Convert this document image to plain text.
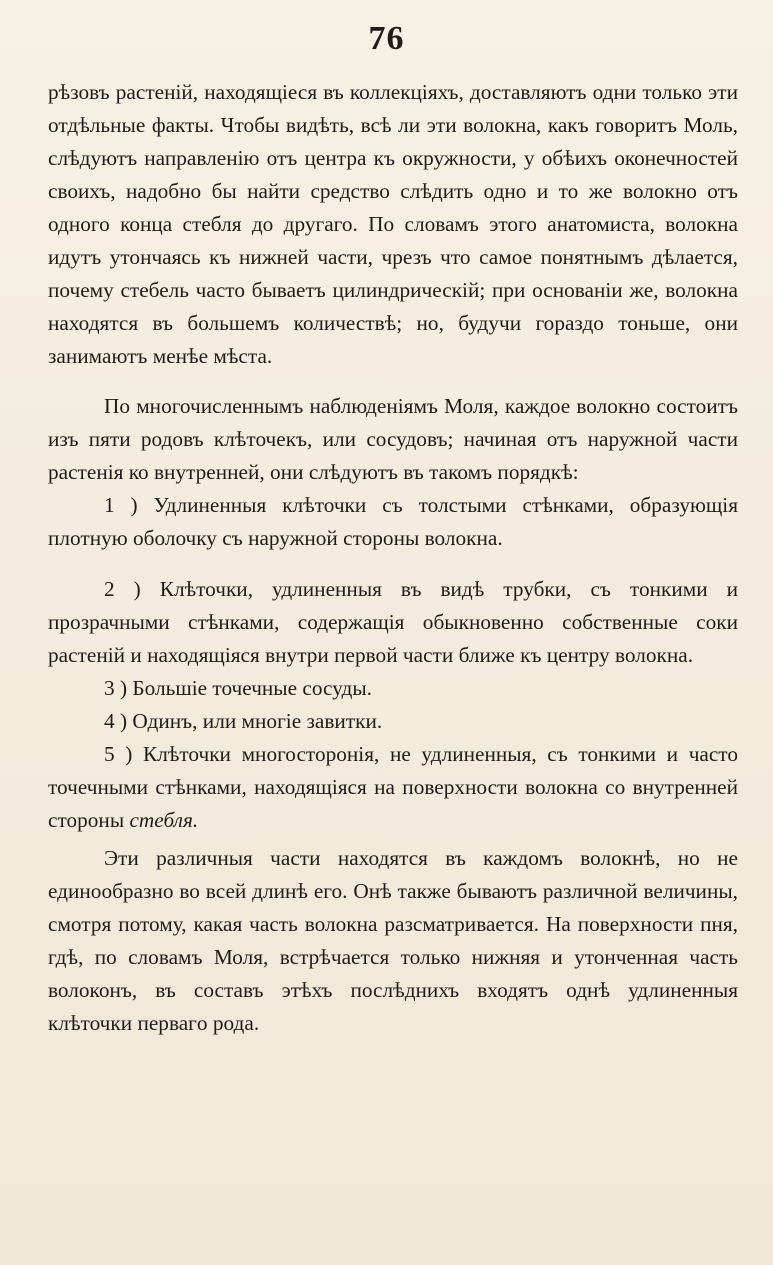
76

рѣзовъ растеній, находящіеся въ коллекціяхъ, доставляютъ одни только эти отдѣльные факты. Чтобы видѣть, всѣ ли эти волокна, какъ говоритъ Моль, слѣдуютъ направленію отъ центра къ окружности, у обѣихъ оконечностей своихъ, надобно бы найти средство слѣдить одно и то же волокно отъ одного конца стебля до другаго. По словамъ этого анатомиста, волокна идутъ утончаясь къ нижней части, чрезъ что самое понятнымъ дѣлается, почему стебель часто бываетъ цилиндрическій; при основаніи же, волокна находятся въ большемъ количествѣ; но, будучи гораздо тоньше, они занимаютъ менѣе мѣста.

По многочисленнымъ наблюденіямъ Моля, каждое волокно состоитъ изъ пяти родовъ клѣточекъ, или сосудовъ; начиная отъ наружной части растенія ко внутренней, они слѣдуютъ въ такомъ порядкѣ:

1 ) Удлиненныя клѣточки съ толстыми стѣнками, образующія плотную оболочку съ наружной стороны волокна.

2 ) Клѣточки, удлиненныя въ видѣ трубки, съ тонкими и прозрачными стѣнками, содержащія обыкновенно собственные соки растеній и находящіяся внутри первой части ближе къ центру волокна.

3 ) Большіе точечные сосуды.

4 ) Одинъ, или многіе завитки.

5 ) Клѣточки многосторонія, не удлиненныя, съ тонкими и часто точечными стѣнками, находящіяся на поверхности волокна со внутренней стороны стебля.

Эти различныя части находятся въ каждомъ волокнѣ, но не единообразно во всей длинѣ его. Онѣ также бываютъ различной величины, смотря потому, какая часть волокна разсматривается. На поверхности пня, гдѣ, по словамъ Моля, встрѣчается только нижняя и утонченная часть волоконъ, въ составъ этѣхъ послѣднихъ входятъ однѣ удлиненныя клѣточки первагo рода.
